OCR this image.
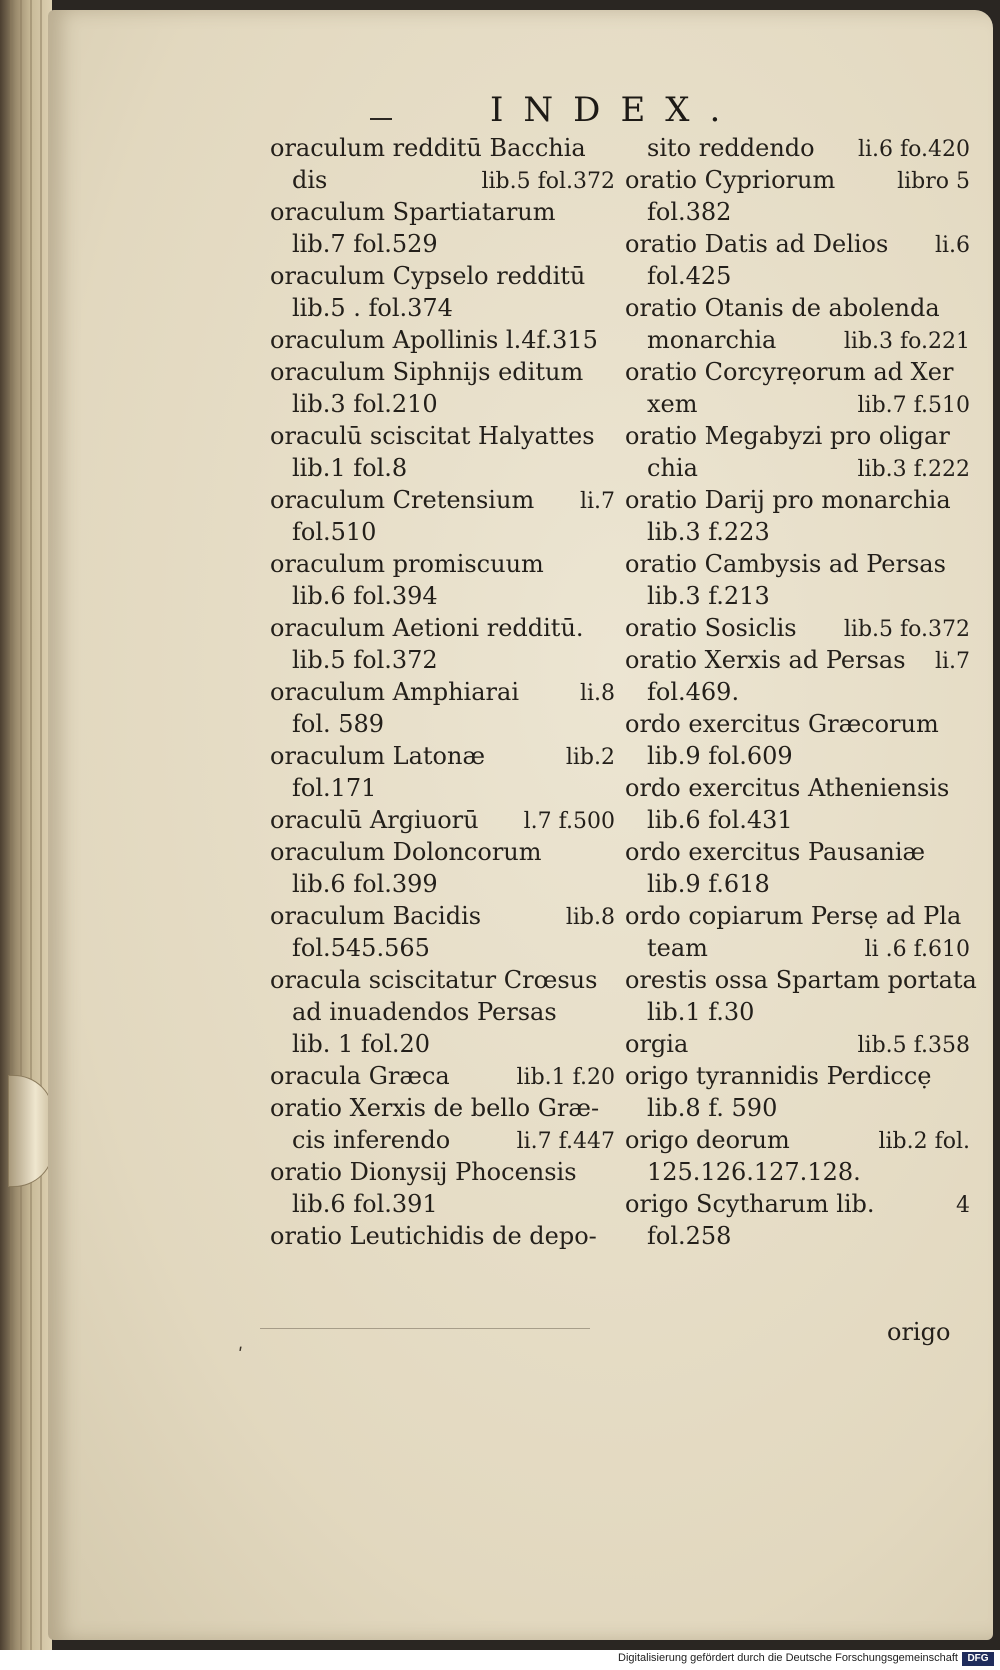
INDEX.
oraculum redditū Bacchia
dis	lib.5 fol.372
oraculum Spartiatarum
lib.7 fol.529
oraculum Cypselo redditū
lib.5 . fol.374
oraculum Apollinis l.4f.315
oraculum Siphnijs editum
lib.3 fol.210
oraculū sciscitat Halyattes
lib.1 fol.8
oraculum Cretensium li.7
fol.510
oraculum promiscuum
lib.6 fol.394
oraculum Aetioni redditū.
lib.5 fol.372
oraculum Amphiarai	li.8
fol. 589
oraculum Latonæ	lib.2
fol.171
oraculū Argiuorū l.7 f.500
oraculum Doloncorum
lib.6 fol.399
oraculum Bacidis	lib.8
fol.545.565
oracula sciscitatur Crœsus
ad inuadendos Persas
lib. 1 fol.20
oracula Græca	lib.1 f.20
oratio Xerxis de bello Græ-
cis inferendo	li.7 f.447
oratio Dionysij Phocensis
lib.6 fol.391
oratio Leutichidis de depo-
sito reddendo li.6 fo.420
oratio Cypriorum	libro 5
fol.382
oratio Datis ad Delios li.6
fol.425
oratio Otanis de abolenda
monarchia	lib.3 fo.221
oratio Corcyrẹorum ad Xer
xem	lib.7 f.510
oratio Megabyzi pro oligar
chia	lib.3 f.222
oratio Darij pro monarchia
lib.3 f.223
oratio Cambysis ad Persas
lib.3 f.213
oratio Sosiclis lib.5 fo.372
oratio Xerxis ad Persas li.7
fol.469.
ordo exercitus Græcorum
lib.9 fol.609
ordo exercitus Atheniensis
lib.6 fol.431
ordo exercitus Pausaniæ
lib.9 f.618
ordo copiarum Persẹ ad Pla
team	li .6 f.610
orestis ossa Spartam portata
lib.1 f.30
orgia	lib.5 f.358
origo tyrannidis Perdiccẹ
lib.8 f. 590
origo deorum	lib.2 fol.
125.126.127.128.
origo Scytharum lib.	4
fol.258
origo
ʹ
Digitalisierung gefördert durch die Deutsche Forschungsgemeinschaft DFG
